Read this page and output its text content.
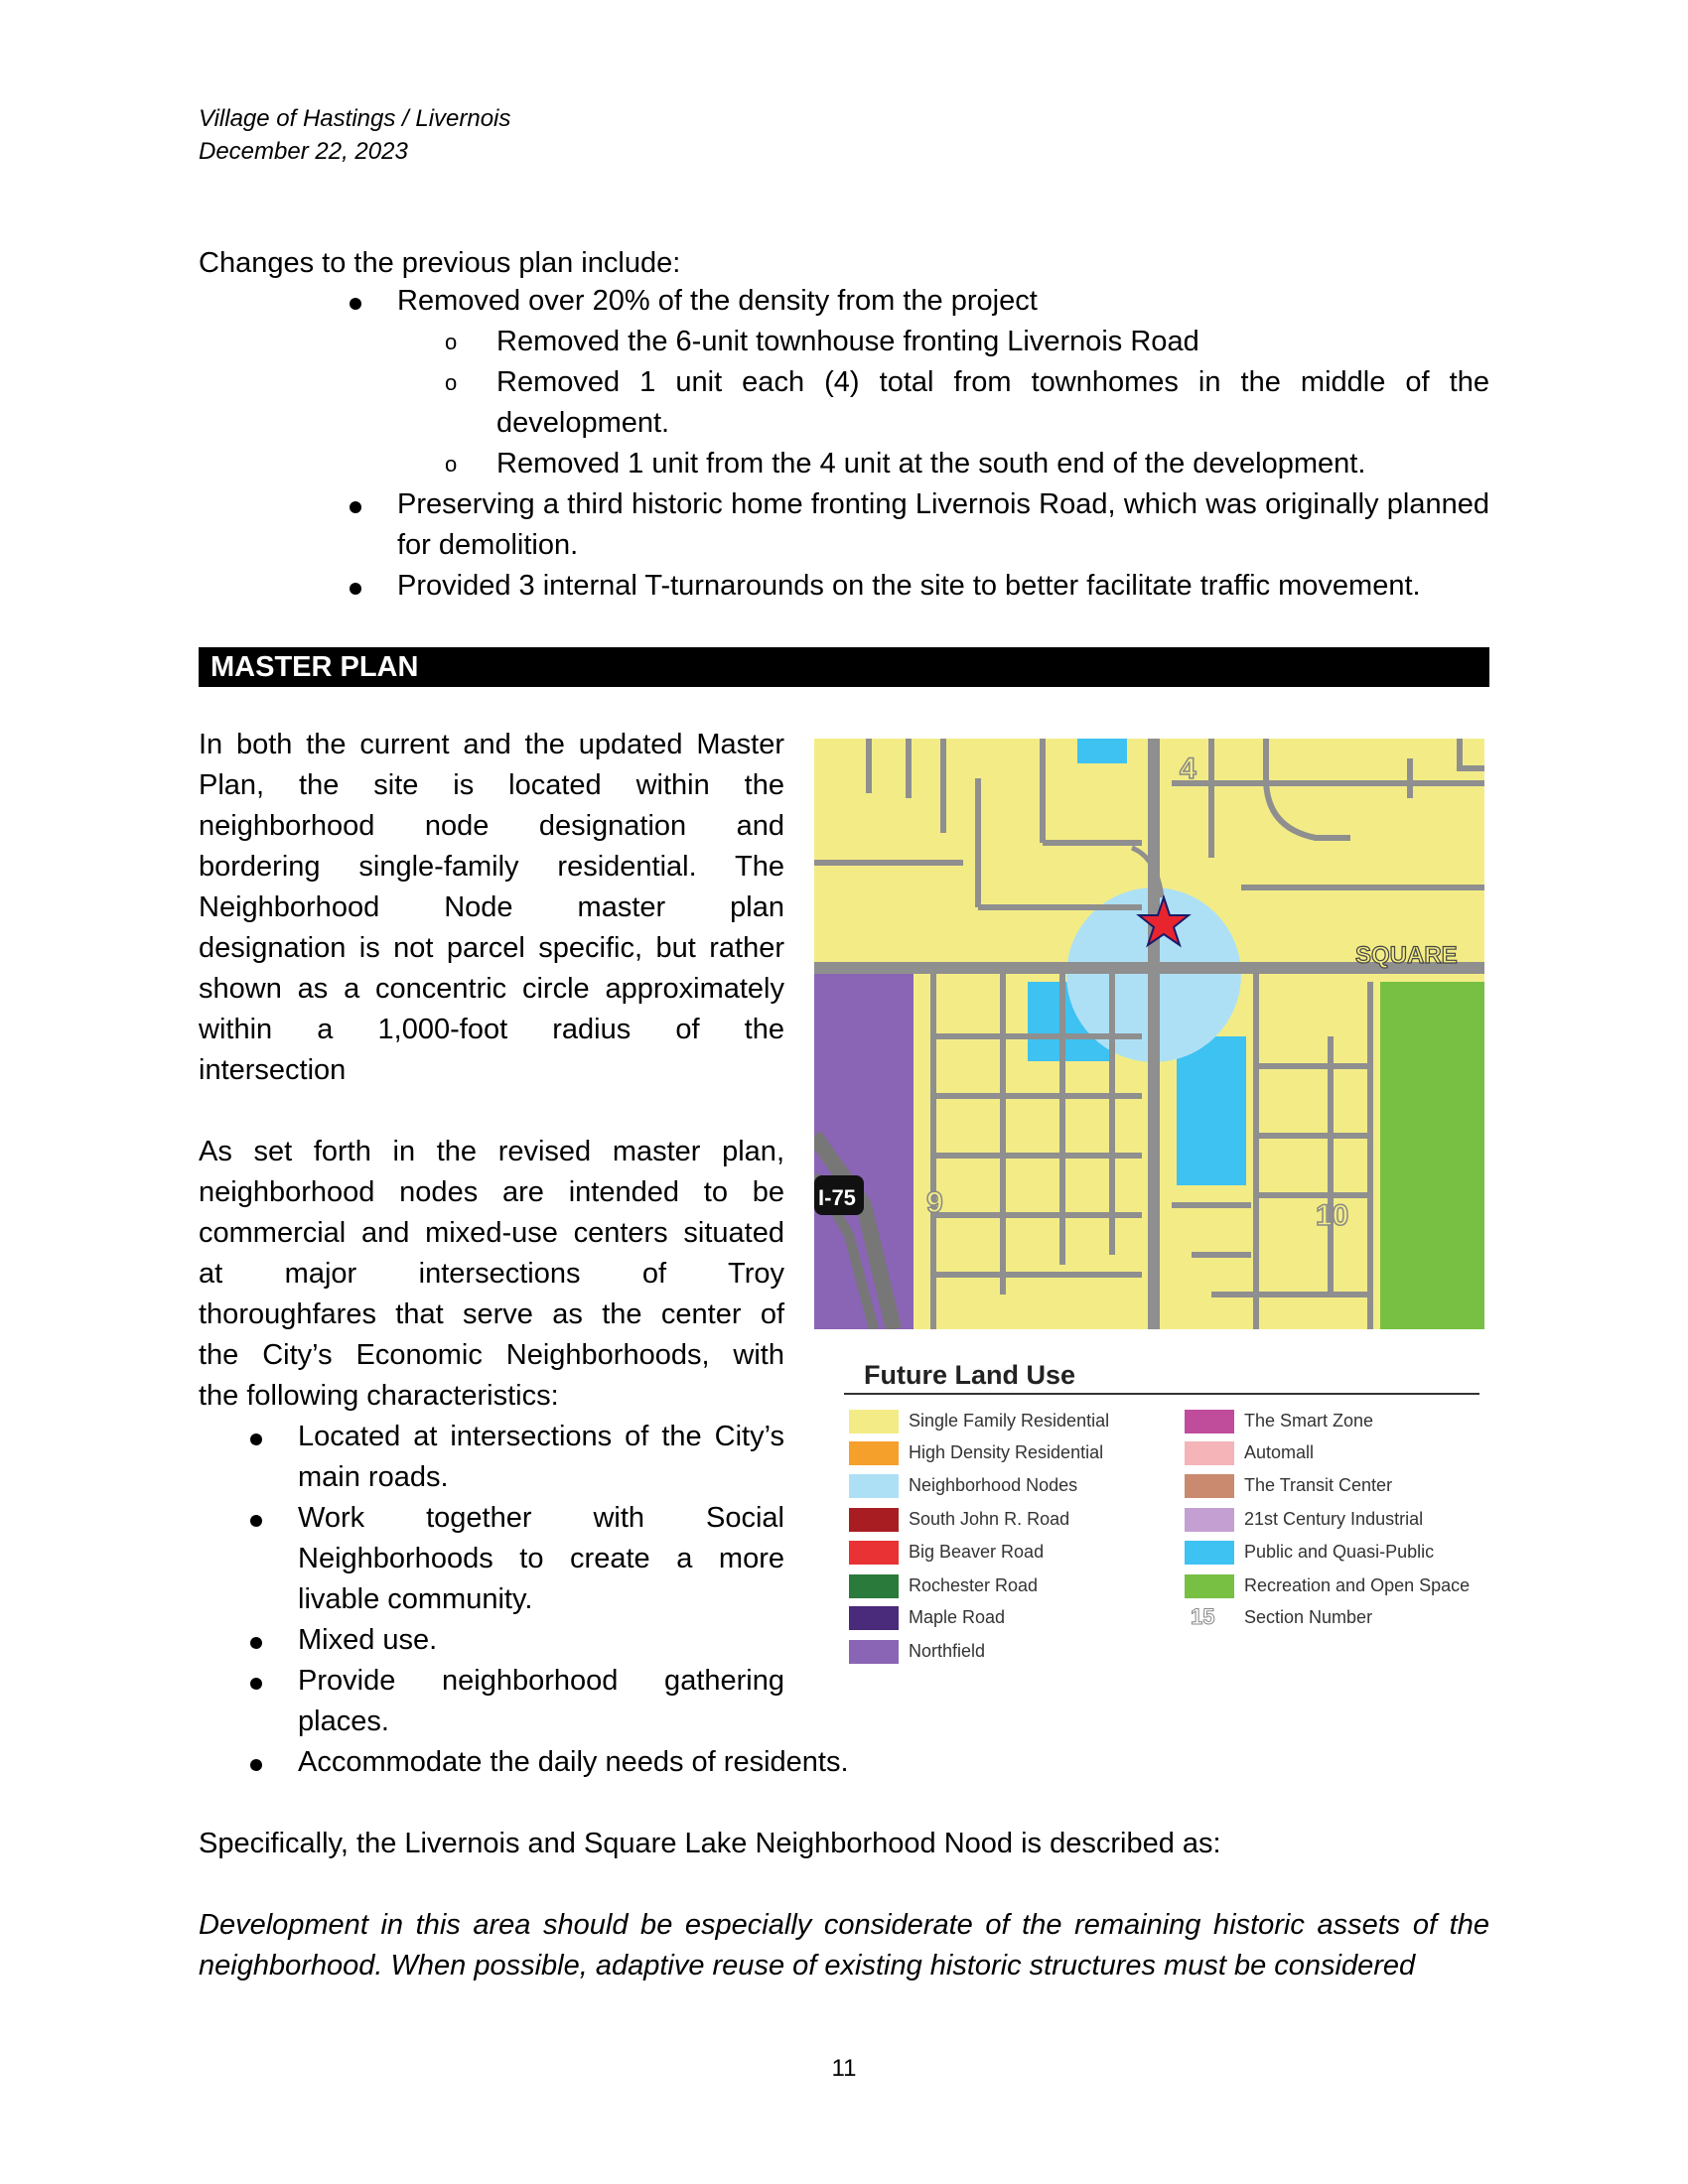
Village of Hastings / Livernois
December 22, 2023

Changes to the previous plan include:

Removed over 20% of the density from the project
o Removed the 6-unit townhouse fronting Livernois Road
o Removed 1 unit each (4) total from townhomes in the middle of the development.
o Removed 1 unit from the 4 unit at the south end of the development.
Preserving a third historic home fronting Livernois Road, which was originally planned for demolition.
Provided 3 internal T-turnarounds on the site to better facilitate traffic movement.
MASTER PLAN
In both the current and the updated Master
Plan, the site is located within the
neighborhood node designation and
bordering single-family residential. The
Neighborhood Node master plan
designation is not parcel specific, but rather
shown as a concentric circle approximately
within a 1,000-foot radius of the
intersection
As set forth in the revised master plan,
neighborhood nodes are intended to be
commercial and mixed-use centers situated
at major intersections of Troy
thoroughfares that serve as the center of
the City’s Economic Neighborhoods, with
the following characteristics:
Located at intersections of the City’s main roads.
Work together with Social Neighborhoods to create a more livable community.
Mixed use.
Provide neighborhood gathering places.
Accommodate the daily needs of residents.
I-75 9	10
4
SQUARE
Future Land Use
Single Family Residential
High Density Residential
Neighborhood Nodes
South John R. Road
Big Beaver Road
Rochester Road
Maple Road
Northfield
The Smart Zone
Automall
The Transit Center
21st Century Industrial
Public and Quasi-Public
Recreation and Open Space
15 Section Number
Specifically, the Livernois and Square Lake Neighborhood Nood is described as:
Development in this area should be especially considerate of the remaining historic assets of the neighborhood. When possible, adaptive reuse of existing historic structures must be considered
11
